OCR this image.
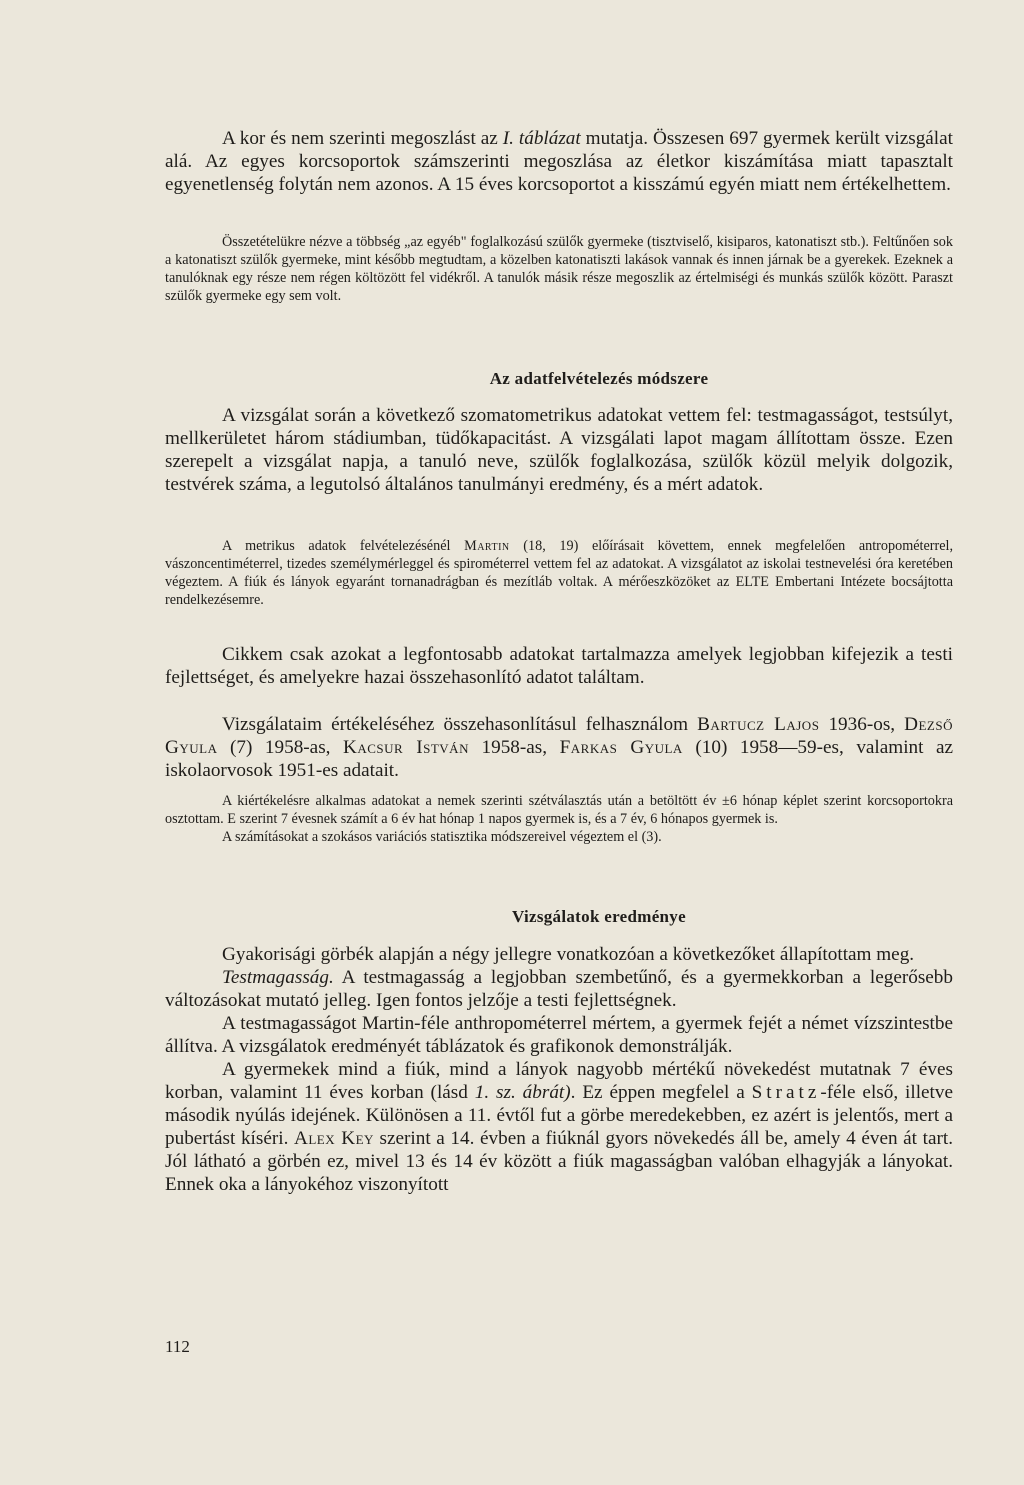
A kor és nem szerinti megoszlást az I. táblázat mutatja. Összesen 697 gyermek került vizsgálat alá. Az egyes korcsoportok számszerinti megoszlása az életkor kiszámítása miatt tapasztalt egyenetlenség folytán nem azonos. A 15 éves korcsoportot a kisszámú egyén miatt nem értékelhettem.

Összetételükre nézve a többség „az egyéb" foglalkozású szülők gyermeke (tisztviselő, kisiparos, katonatiszt stb.). Feltűnően sok a katonatiszt szülők gyermeke, mint később megtudtam, a közelben katonatiszti lakások vannak és innen járnak be a gyerekek. Ezeknek a tanulóknak egy része nem régen költözött fel vidékről. A tanulók másik része megoszlik az értelmiségi és munkás szülők között. Paraszt szülők gyermeke egy sem volt.

Az adatfelvételezés módszere

A vizsgálat során a következő szomatometrikus adatokat vettem fel: testmagasságot, testsúlyt, mellkerületet három stádiumban, tüdőkapacitást. A vizsgálati lapot magam állítottam össze. Ezen szerepelt a vizsgálat napja, a tanuló neve, szülők foglalkozása, szülők közül melyik dolgozik, testvérek száma, a legutolsó általános tanulmányi eredmény, és a mért adatok.

A metrikus adatok felvételezésénél Martin (18, 19) előírásait követtem, ennek megfelelően antropométerrel, vászoncentiméterrel, tizedes személymérleggel és spirométerrel vettem fel az adatokat. A vizsgálatot az iskolai testnevelési óra keretében végeztem. A fiúk és lányok egyaránt tornanadrágban és mezítláb voltak. A mérőeszközöket az ELTE Embertani Intézete bocsájtotta rendelkezésemre.

Cikkem csak azokat a legfontosabb adatokat tartalmazza amelyek legjobban kifejezik a testi fejlettséget, és amelyekre hazai összehasonlító adatot találtam.

Vizsgálataim értékeléséhez összehasonlításul felhasználom Bartucz Lajos 1936-os, Dezső Gyula (7) 1958-as, Kacsur István 1958-as, Farkas Gyula (10) 1958—59-es, valamint az iskolaorvosok 1951-es adatait.

A kiértékelésre alkalmas adatokat a nemek szerinti szétválasztás után a betöltött év ±6 hónap képlet szerint korcsoportokra osztottam. E szerint 7 évesnek számít a 6 év hat hónap 1 napos gyermek is, és a 7 év, 6 hónapos gyermek is.

A számításokat a szokásos variációs statisztika módszereivel végeztem el (3).

Vizsgálatok eredménye

Gyakorisági görbék alapján a négy jellegre vonatkozóan a következőket állapítottam meg.

Testmagasság. A testmagasság a legjobban szembetűnő, és a gyermekkorban a legerősebb változásokat mutató jelleg. Igen fontos jelzője a testi fejlettségnek.

A testmagasságot Martin-féle anthropométerrel mértem, a gyermek fejét a német vízszintestbe állítva. A vizsgálatok eredményét táblázatok és grafikonok demonstrálják.

A gyermekek mind a fiúk, mind a lányok nagyobb mértékű növekedést mutatnak 7 éves korban, valamint 11 éves korban (lásd 1. sz. ábrát). Ez éppen megfelel a Stratz-féle első, illetve második nyúlás idejének. Különösen a 11. évtől fut a görbe meredekebben, ez azért is jelentős, mert a pubertást kíséri. Alex Key szerint a 14. évben a fiúknál gyors növekedés áll be, amely 4 éven át tart. Jól látható a görbén ez, mivel 13 és 14 év között a fiúk magasságban valóban elhagyják a lányokat. Ennek oka a lányokéhoz viszonyított

112
